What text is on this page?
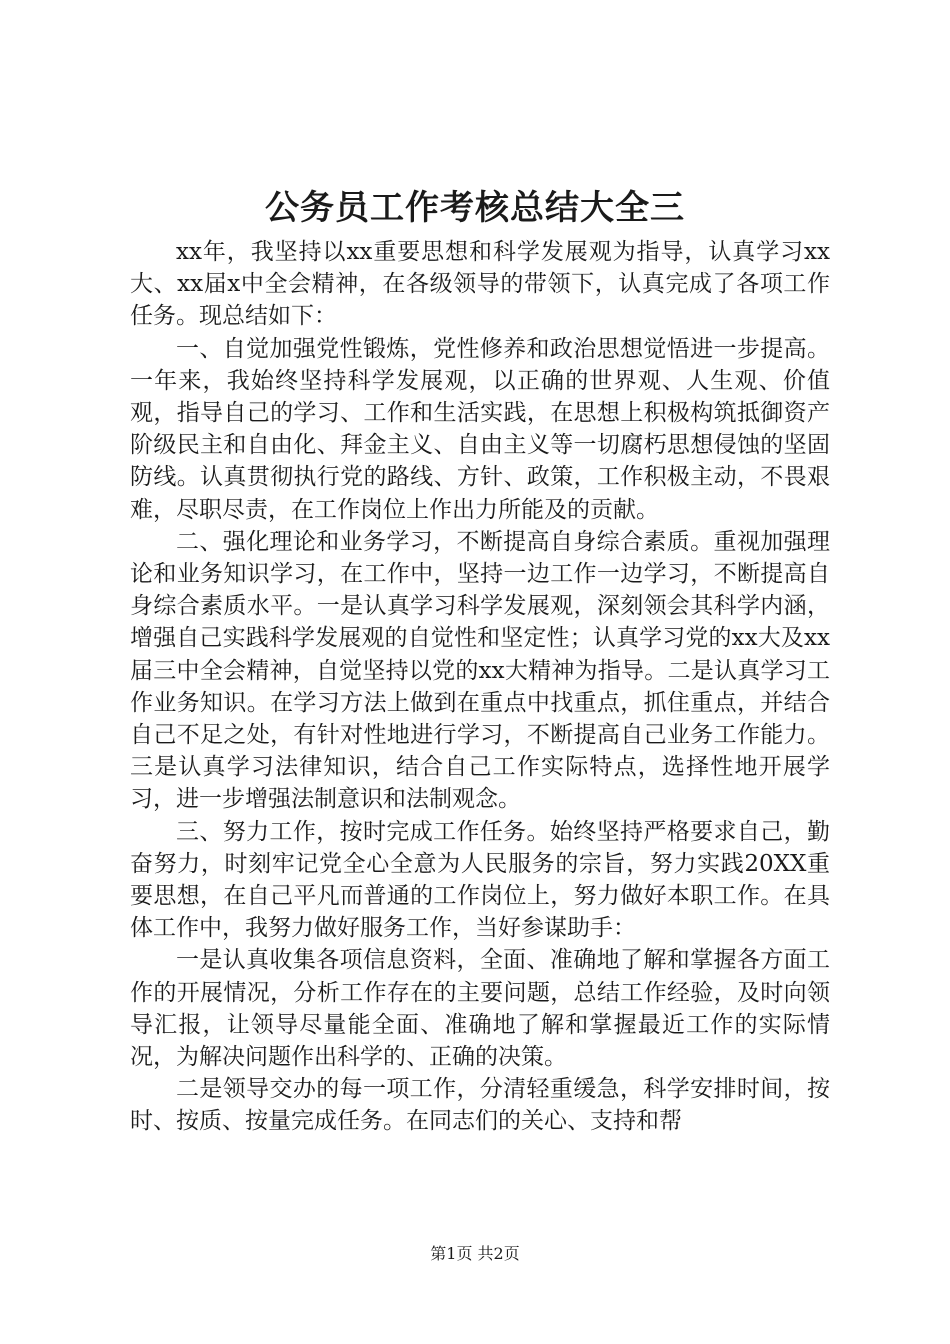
公务员工作考核总结大全三

xx年，我坚持以xx重要思想和科学发展观为指导，认真学习xx大、xx届x中全会精神，在各级领导的带领下，认真完成了各项工作任务。现总结如下：

一、自觉加强党性锻炼，党性修养和政治思想觉悟进一步提高。一年来，我始终坚持科学发展观，以正确的世界观、人生观、价值观，指导自己的学习、工作和生活实践，在思想上积极构筑抵御资产阶级民主和自由化、拜金主义、自由主义等一切腐朽思想侵蚀的坚固防线。认真贯彻执行党的路线、方针、政策，工作积极主动，不畏艰难，尽职尽责，在工作岗位上作出力所能及的贡献。

二、强化理论和业务学习，不断提高自身综合素质。重视加强理论和业务知识学习，在工作中，坚持一边工作一边学习，不断提高自身综合素质水平。一是认真学习科学发展观，深刻领会其科学内涵，增强自己实践科学发展观的自觉性和坚定性；认真学习党的xx大及xx届三中全会精神，自觉坚持以党的xx大精神为指导。二是认真学习工作业务知识。在学习方法上做到在重点中找重点，抓住重点，并结合自己不足之处，有针对性地进行学习，不断提高自己业务工作能力。三是认真学习法律知识，结合自己工作实际特点，选择性地开展学习，进一步增强法制意识和法制观念。

三、努力工作，按时完成工作任务。始终坚持严格要求自己，勤奋努力，时刻牢记党全心全意为人民服务的宗旨，努力实践20XX重要思想，在自己平凡而普通的工作岗位上，努力做好本职工作。在具体工作中，我努力做好服务工作，当好参谋助手：

一是认真收集各项信息资料，全面、准确地了解和掌握各方面工作的开展情况，分析工作存在的主要问题，总结工作经验，及时向领导汇报，让领导尽量能全面、准确地了解和掌握最近工作的实际情况，为解决问题作出科学的、正确的决策。

二是领导交办的每一项工作，分清轻重缓急，科学安排时间，按时、按质、按量完成任务。在同志们的关心、支持和帮

第1页 共2页
